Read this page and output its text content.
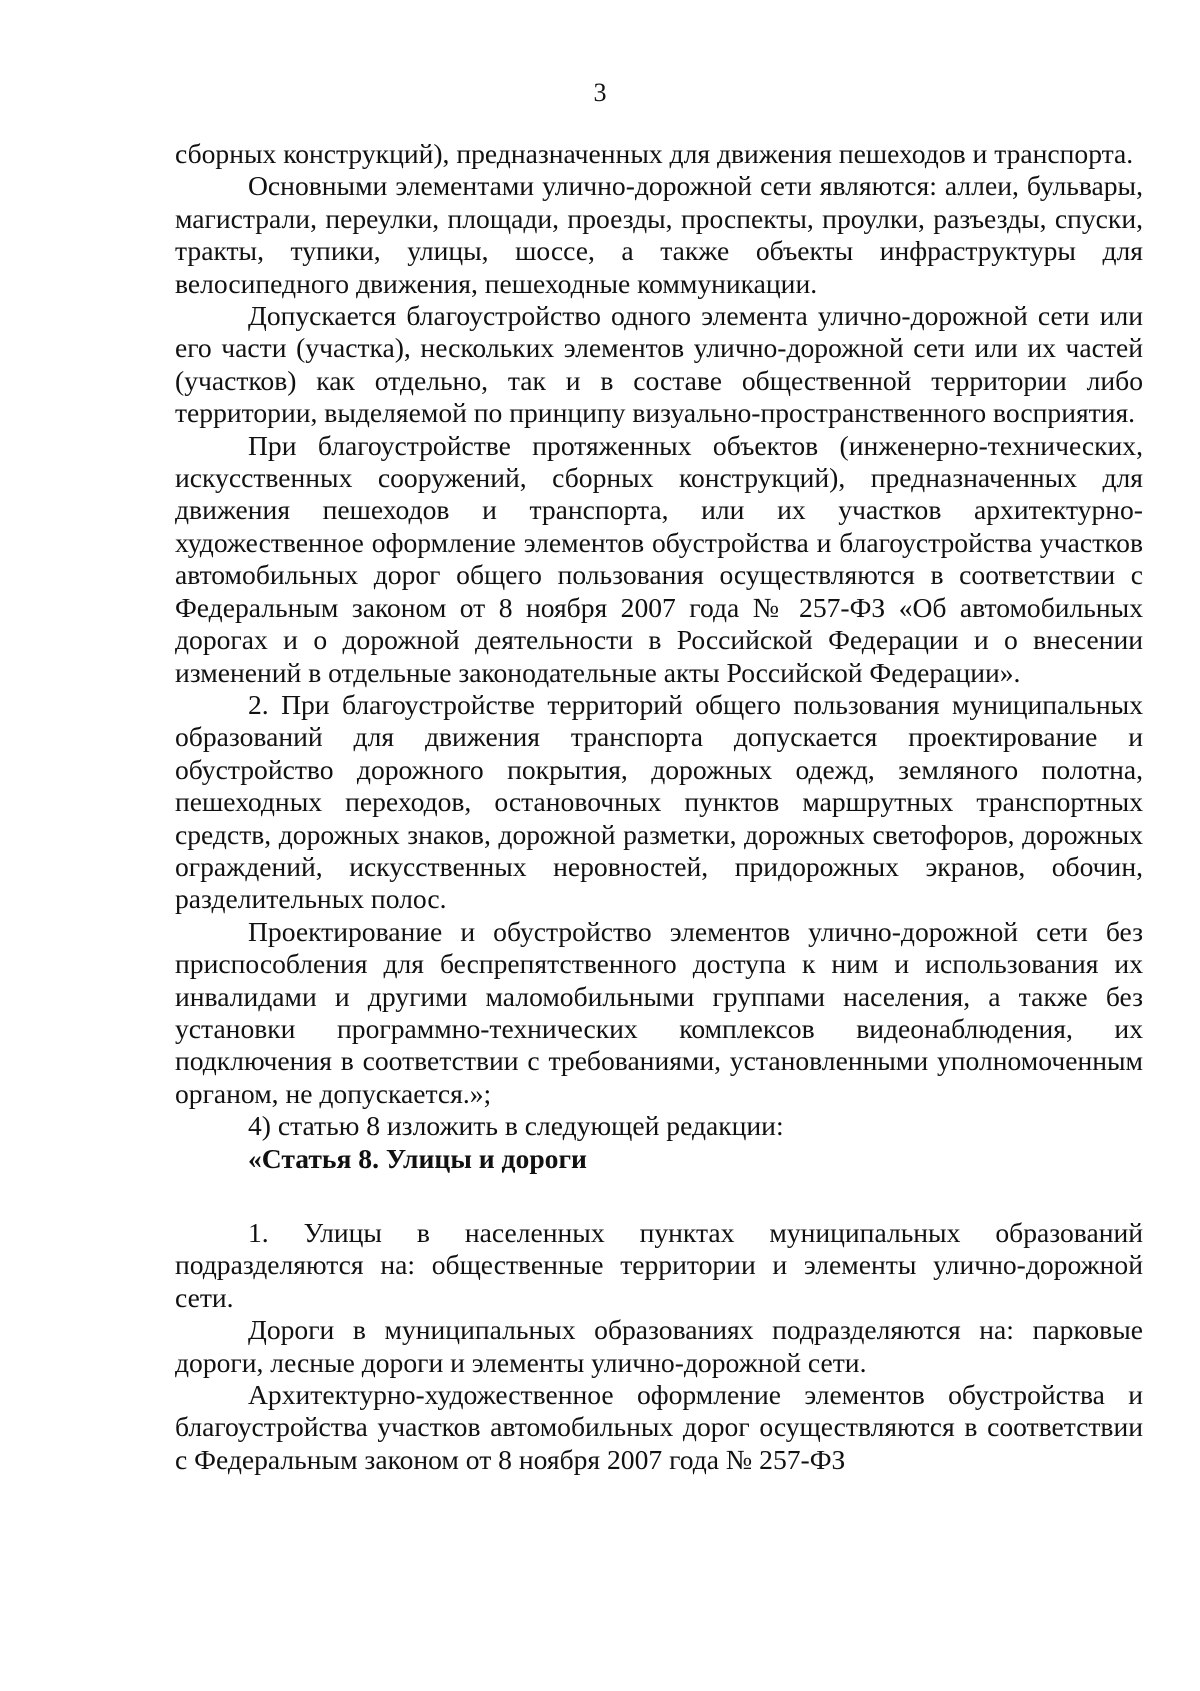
3

сборных конструкций), предназначенных для движения пешеходов и транспорта.

Основными элементами улично-дорожной сети являются: аллеи, бульвары, магистрали, переулки, площади, проезды, проспекты, проулки, разъезды, спуски, тракты, тупики, улицы, шоссе, а также объекты инфраструктуры для велосипедного движения, пешеходные коммуникации.

Допускается благоустройство одного элемента улично-дорожной сети или его части (участка), нескольких элементов улично-дорожной сети или их частей (участков) как отдельно, так и в составе общественной территории либо территории, выделяемой по принципу визуально-пространственного восприятия.

При благоустройстве протяженных объектов (инженерно-технических, искусственных сооружений, сборных конструкций), предназначенных для движения пешеходов и транспорта, или их участков архитектурно-художественное оформление элементов обустройства и благоустройства участков автомобильных дорог общего пользования осуществляются в соответствии с Федеральным законом от 8 ноября 2007 года № 257-ФЗ «Об автомобильных дорогах и о дорожной деятельности в Российской Федерации и о внесении изменений в отдельные законодательные акты Российской Федерации».

2. При благоустройстве территорий общего пользования муниципальных образований для движения транспорта допускается проектирование и обустройство дорожного покрытия, дорожных одежд, земляного полотна, пешеходных переходов, остановочных пунктов маршрутных транспортных средств, дорожных знаков, дорожной разметки, дорожных светофоров, дорожных ограждений, искусственных неровностей, придорожных экранов, обочин, разделительных полос.

Проектирование и обустройство элементов улично-дорожной сети без приспособления для беспрепятственного доступа к ним и использования их инвалидами и другими маломобильными группами населения, а также без установки программно-технических комплексов видеонаблюдения, их подключения в соответствии с требованиями, установленными уполномоченным органом, не допускается.»;

4) статью 8 изложить в следующей редакции:

«Статья 8. Улицы и дороги

1. Улицы в населенных пунктах муниципальных образований подразделяются на: общественные территории и элементы улично-дорожной сети.

Дороги в муниципальных образованиях подразделяются на: парковые дороги, лесные дороги и элементы улично-дорожной сети.

Архитектурно-художественное оформление элементов обустройства и благоустройства участков автомобильных дорог осуществляются в соответствии с Федеральным законом от 8 ноября 2007 года № 257-ФЗ
